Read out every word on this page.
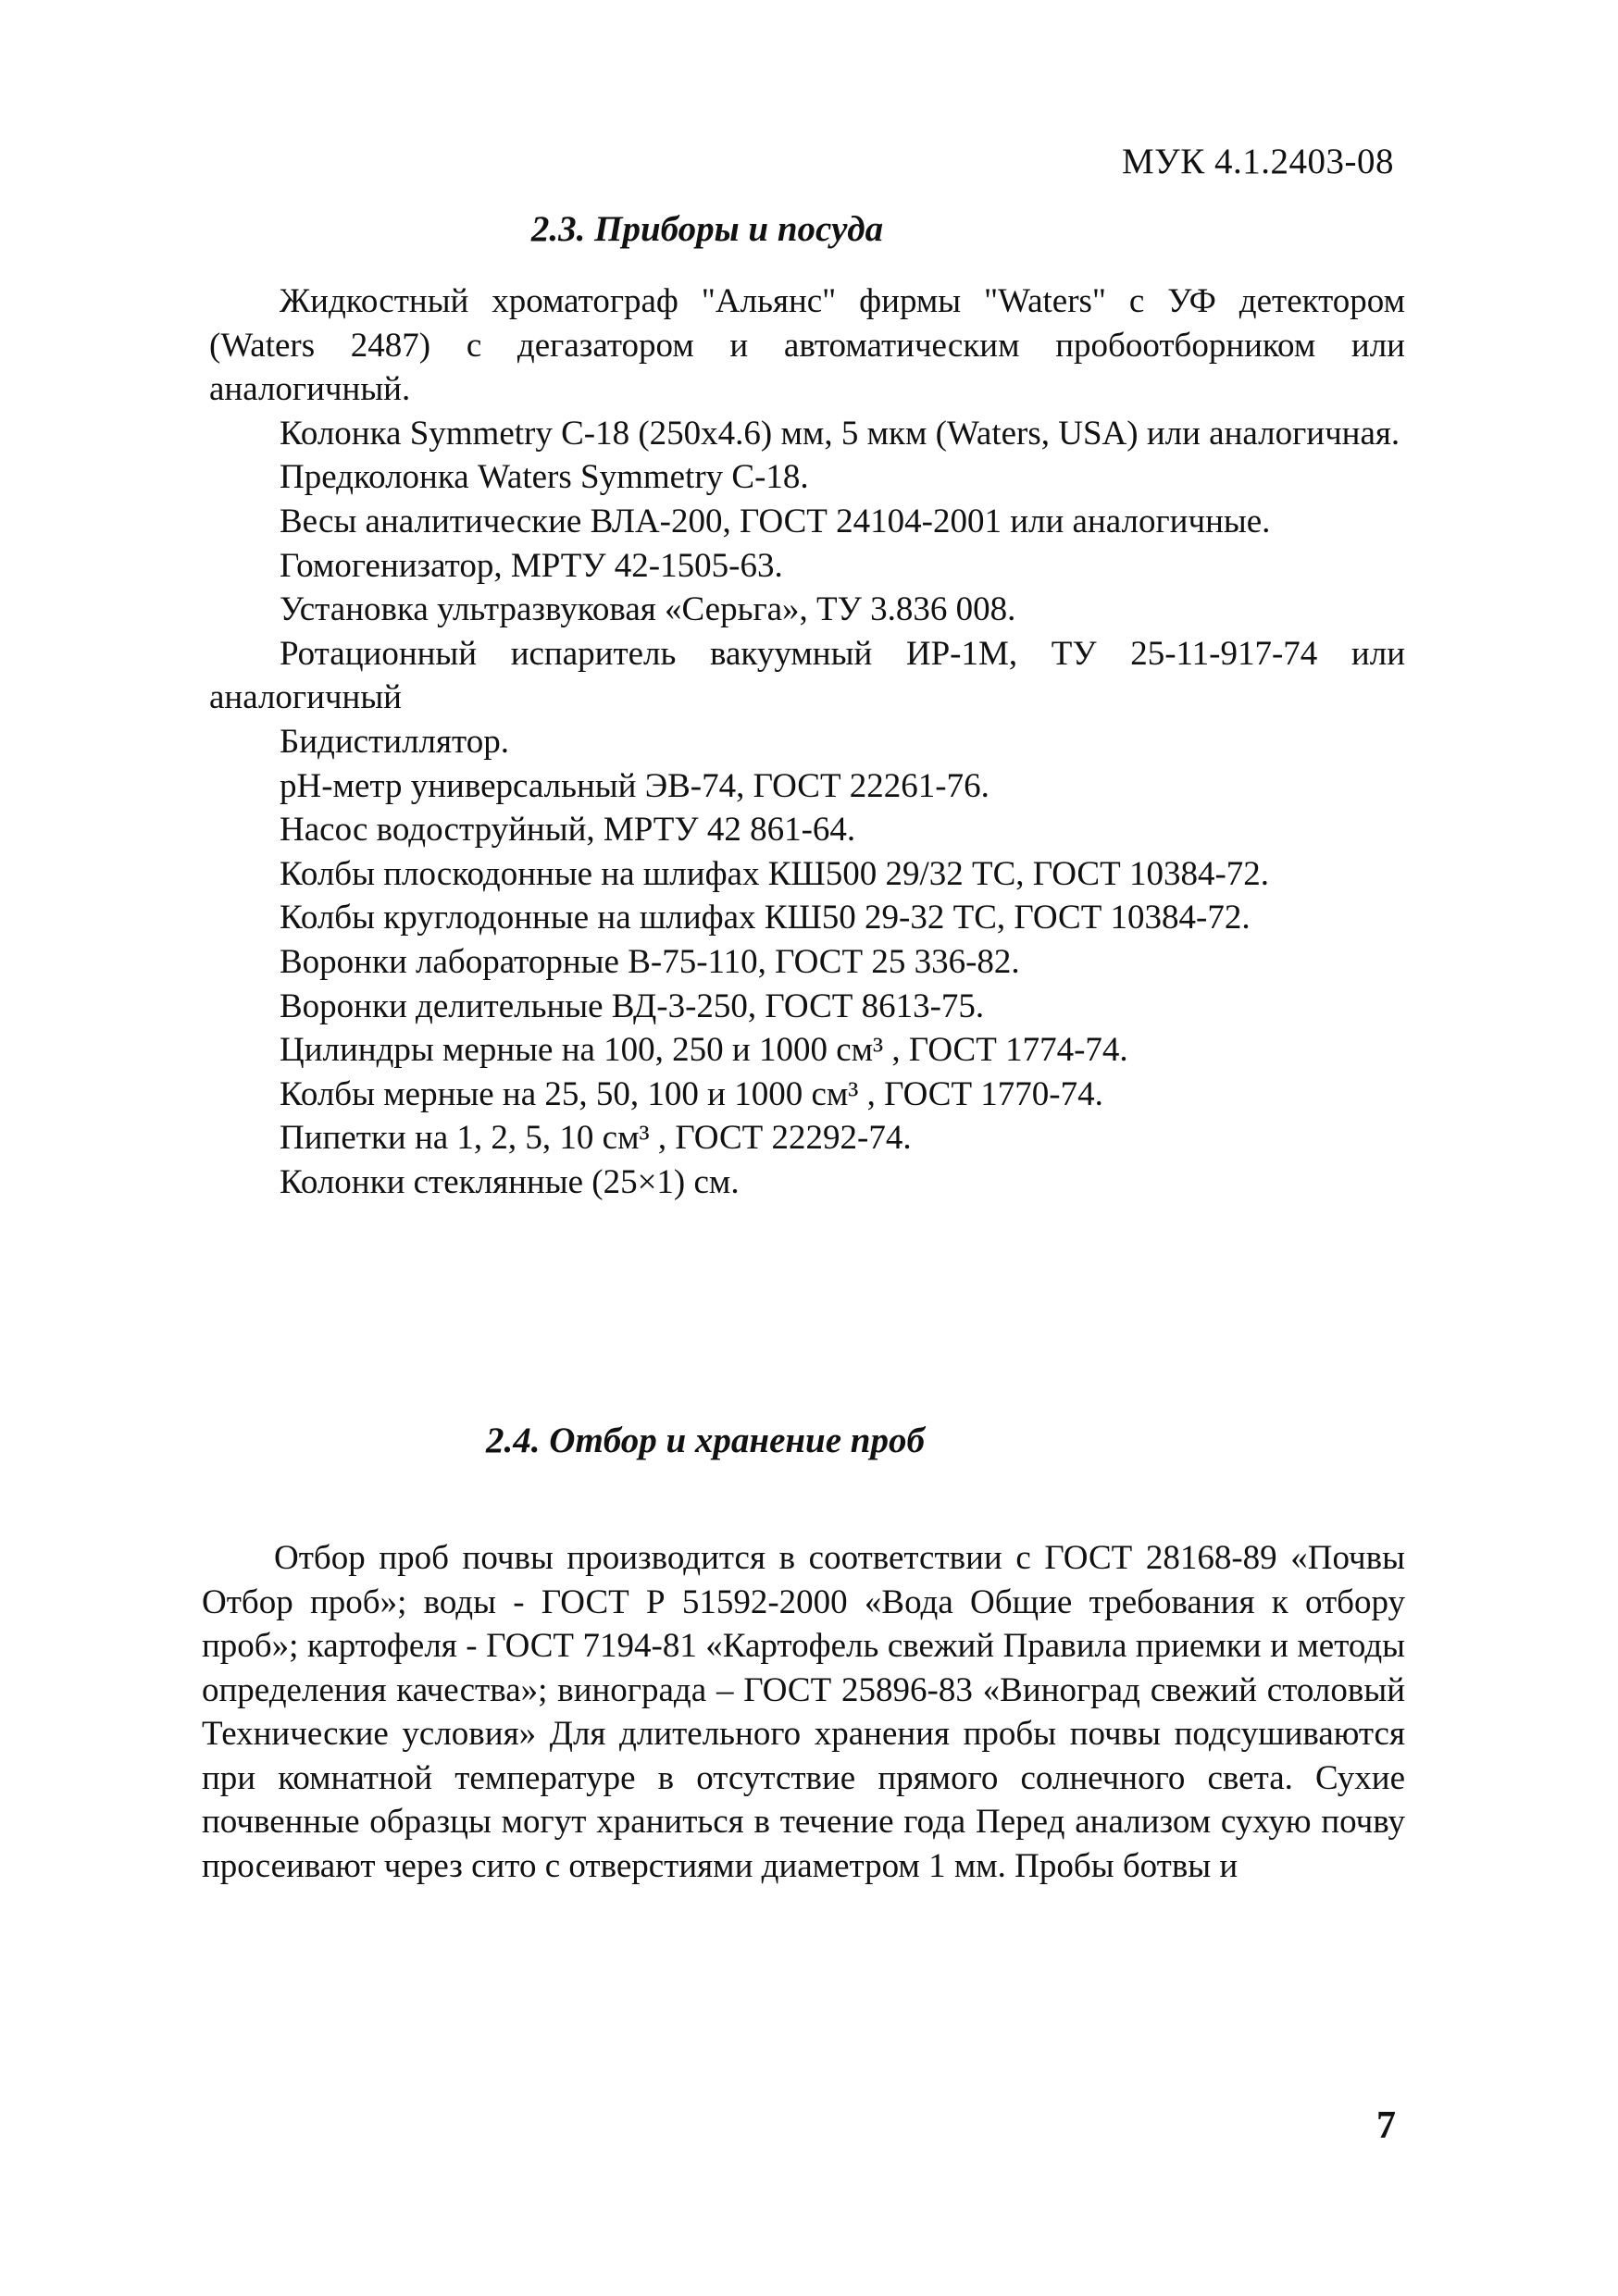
МУК 4.1.2403-08
2.3. Приборы и посуда

Жидкостный хроматограф "Альянс" фирмы "Waters" с УФ детектором (Waters 2487) с дегазатором и автоматическим пробоотборником или аналогичный.

Колонка Symmetry С-18 (250x4.6) мм, 5 мкм (Waters, USA) или аналогичная.

Предколонка Waters Symmetry С-18.

Весы аналитические ВЛА-200, ГОСТ 24104-2001 или аналогичные.

Гомогенизатор, МРТУ 42-1505-63.

Установка ультразвуковая «Серьга», ТУ 3.836 008.

Ротационный испаритель вакуумный ИР-1М, ТУ 25-11-917-74 или аналогичный

Бидистиллятор.

рН-метр универсальный ЭВ-74, ГОСТ 22261-76.

Насос водоструйный, МРТУ 42 861-64.

Колбы плоскодонные на шлифах КШ500 29/32 ТС, ГОСТ 10384-72.

Колбы круглодонные на шлифах КШ50 29-32 ТС, ГОСТ 10384-72.

Воронки лабораторные В-75-110, ГОСТ 25 336-82.

Воронки делительные ВД-3-250, ГОСТ 8613-75.

Цилиндры мерные на 100, 250 и 1000 см³ , ГОСТ 1774-74.

Колбы мерные на 25, 50, 100 и 1000 см³ , ГОСТ 1770-74.

Пипетки на 1, 2, 5, 10 см³ , ГОСТ 22292-74.

Колонки стеклянные (25×1) см.

2.4. Отбор и хранение проб

Отбор проб почвы производится в соответствии с ГОСТ 28168-89 «Почвы Отбор проб»; воды - ГОСТ Р 51592-2000 «Вода Общие требования к отбору проб»; картофеля - ГОСТ 7194-81 «Картофель свежий Правила приемки и методы определения качества»; винограда – ГОСТ 25896-83 «Виноград свежий столовый Технические условия» Для длительного хранения пробы почвы подсушиваются при комнатной температуре в отсутствие прямого солнечного света. Сухие почвенные образцы могут храниться в течение года Перед анализом сухую почву просеивают через сито с отверстиями диаметром 1 мм. Пробы ботвы и

7
